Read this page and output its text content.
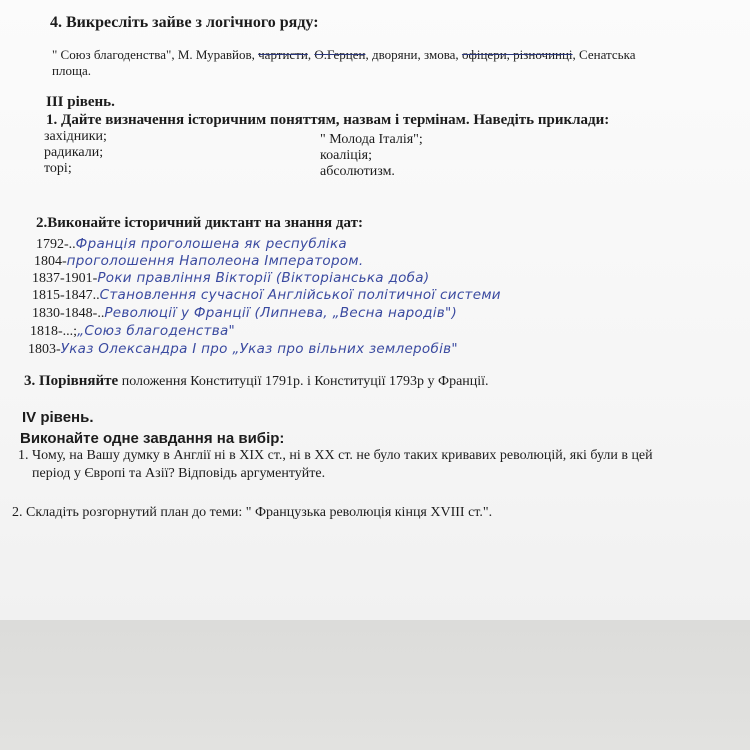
4. Викресліть зайве з логічного ряду:
" Союз благоденства", М. Муравйов, чартисти, О.Герцен, дворяни, змова, офіцери, різночинці, Сенатська
площа.
III рівень.
1. Дайте визначення історичним поняттям, назвам і термінам. Наведіть приклади:
західники;
радикали;
торі;
" Молода Італія";
коаліція;
абсолютизм.
2.Виконайте історичний диктант на знання дат:
1792-..Франція проголошена як республіка
1804-проголошення Наполеона Імператором.
1837-1901-Роки правління Вікторії (Вікторіанська доба)
1815-1847..Становлення сучасної Англійської політичної системи
1830-1848-..Революції у Франції (Липнева, „Весна народів")
1818-...;„Союз благоденства"
1803-Указ Олександра І про „Указ про вільних землеробів"
3. Порівняйте положення Конституції 1791р. і Конституції 1793р у Франції.
IV рівень.
Виконайте одне завдання на вибір:
1. Чому, на Вашу думку в Англії ні в XIX ст., ні в XX ст. не було таких кривавих революцій, які були в цей
період у Європі та Азії? Відповідь аргументуйте.
2. Складіть розгорнутий план до теми: " Французька революція кінця XVIII ст.".
